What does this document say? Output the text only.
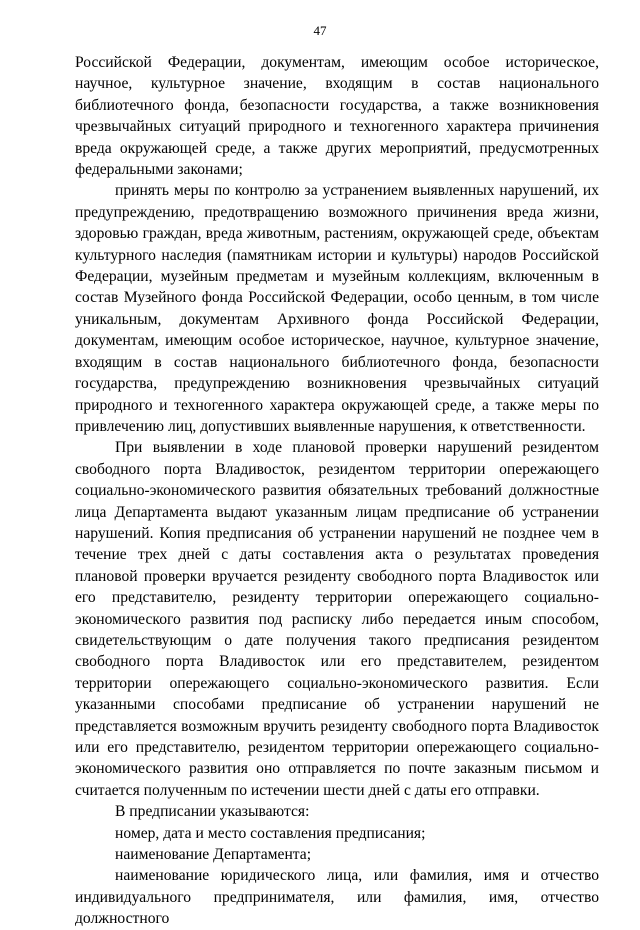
47

Российской Федерации, документам, имеющим особое историческое, научное, культурное значение, входящим в состав национального библиотечного фонда, безопасности государства, а также возникновения чрезвычайных ситуаций природного и техногенного характера причинения вреда окружающей среде, а также других мероприятий, предусмотренных федеральными законами;

принять меры по контролю за устранением выявленных нарушений, их предупреждению, предотвращению возможного причинения вреда жизни, здоровью граждан, вреда животным, растениям, окружающей среде, объектам культурного наследия (памятникам истории и культуры) народов Российской Федерации, музейным предметам и музейным коллекциям, включенным в состав Музейного фонда Российской Федерации, особо ценным, в том числе уникальным, документам Архивного фонда Российской Федерации, документам, имеющим особое историческое, научное, культурное значение, входящим в состав национального библиотечного фонда, безопасности государства, предупреждению возникновения чрезвычайных ситуаций природного и техногенного характера окружающей среде, а также меры по привлечению лиц, допустивших выявленные нарушения, к ответственности.

При выявлении в ходе плановой проверки нарушений резидентом свободного порта Владивосток, резидентом территории опережающего социально-экономического развития обязательных требований должностные лица Департамента выдают указанным лицам предписание об устранении нарушений. Копия предписания об устранении нарушений не позднее чем в течение трех дней с даты составления акта о результатах проведения плановой проверки вручается резиденту свободного порта Владивосток или его представителю, резиденту территории опережающего социально-экономического развития под расписку либо передается иным способом, свидетельствующим о дате получения такого предписания резидентом свободного порта Владивосток или его представителем, резидентом территории опережающего социально-экономического развития. Если указанными способами предписание об устранении нарушений не представляется возможным вручить резиденту свободного порта Владивосток или его представителю, резидентом территории опережающего социально-экономического развития оно отправляется по почте заказным письмом и считается полученным по истечении шести дней с даты его отправки.

В предписании указываются:

номер, дата и место составления предписания;

наименование Департамента;

наименование юридического лица, или фамилия, имя и отчество индивидуального предпринимателя, или фамилия, имя, отчество должностного
